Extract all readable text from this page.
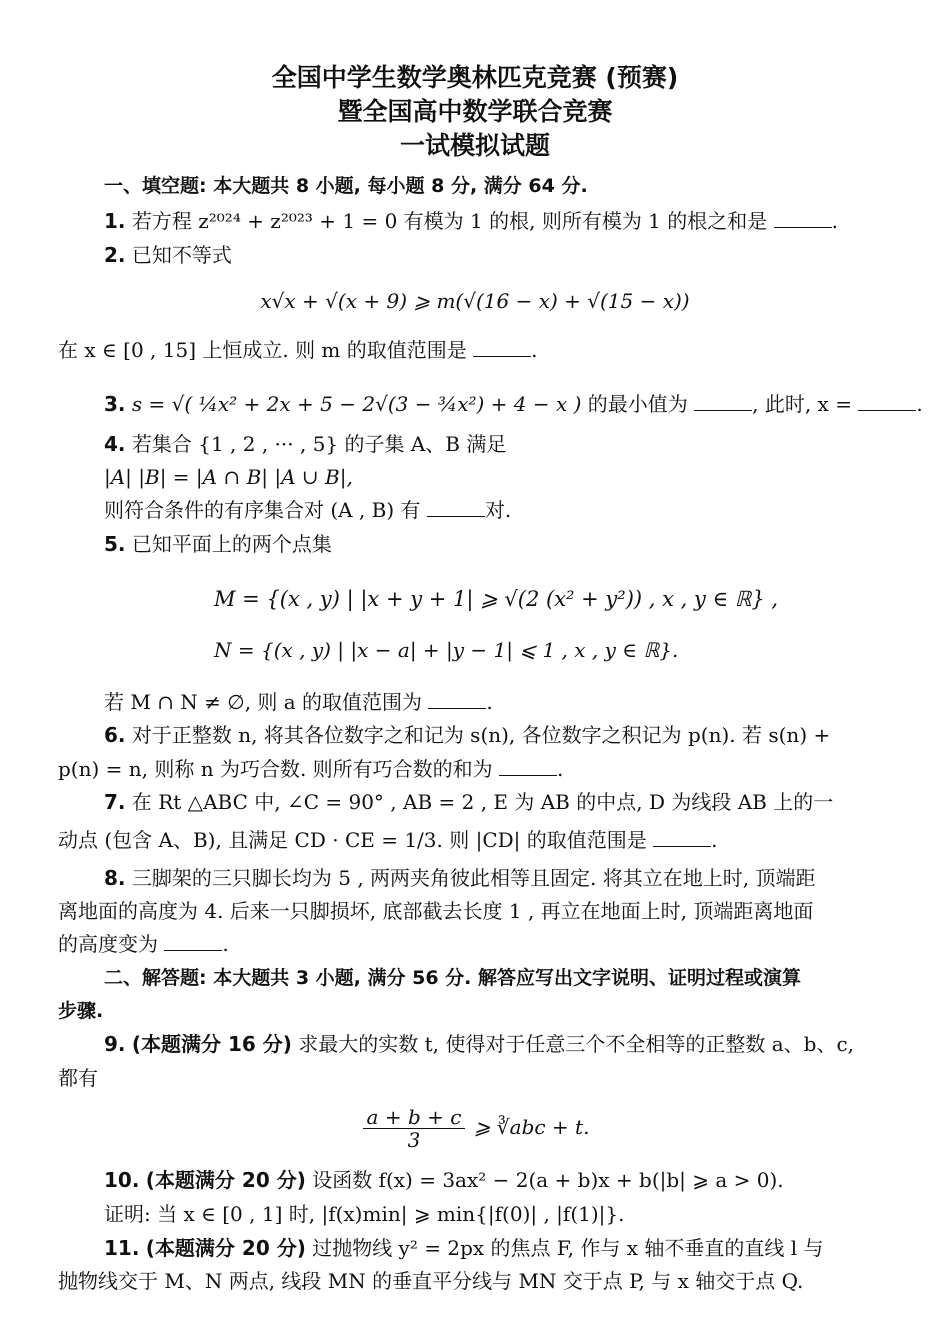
全国中学生数学奥林匹克竞赛 (预赛)
暨全国高中数学联合竞赛
一试模拟试题
一、填空题: 本大题共 8 小题, 每小题 8 分, 满分 64 分.
1. 若方程 z²⁰²⁴ + z²⁰²³ + 1 = 0 有模为 1 的根, 则所有模为 1 的根之和是	.
2. 已知不等式
x√x + √(x + 9) ⩾ m(√(16 − x) + √(15 − x))
在 x ∈ [0 , 15] 上恒成立. 则 m 的取值范围是	.
3. s = √( ¼x² + 2x + 5 − 2√(3 − ¾x²) + 4 − x ) 的最小值为	, 此时, x =	.
4. 若集合 {1 , 2 , ··· , 5} 的子集 A、B 满足
|A| |B| = |A ∩ B| |A ∪ B|,
则符合条件的有序集合对 (A , B) 有	对.
5. 已知平面上的两个点集
M = {(x , y) | |x + y + 1| ⩾ √(2 (x² + y²)) , x , y ∈ ℝ} ,
N = {(x , y) | |x − a| + |y − 1| ⩽ 1 , x , y ∈ ℝ}.
若 M ∩ N ≠ ∅, 则 a 的取值范围为	.
6. 对于正整数 n, 将其各位数字之和记为 s(n), 各位数字之积记为 p(n). 若 s(n) +
p(n) = n, 则称 n 为巧合数. 则所有巧合数的和为	.
7. 在 Rt △ABC 中, ∠C = 90° , AB = 2 , E 为 AB 的中点, D 为线段 AB 上的一
动点 (包含 A、B), 且满足 CD · CE = 1/3. 则 |CD| 的取值范围是	.
8. 三脚架的三只脚长均为 5 , 两两夹角彼此相等且固定. 将其立在地上时, 顶端距
离地面的高度为 4. 后来一只脚损坏, 底部截去长度 1 , 再立在地面上时, 顶端距离地面
的高度变为	.
二、解答题: 本大题共 3 小题, 满分 56 分. 解答应写出文字说明、证明过程或演算
步骤.
9. (本题满分 16 分) 求最大的实数 t, 使得对于任意三个不全相等的正整数 a、b、c,
都有
$\frac{a + b + c}{3}$ ⩾ ∛abc + t.
10. (本题满分 20 分) 设函数 f(x) = 3ax² − 2(a + b)x + b(|b| ⩾ a > 0).
证明: 当 x ∈ [0 , 1] 时, |f(x)min| ⩾ min{|f(0)| , |f(1)|}.
11. (本题满分 20 分) 过抛物线 y² = 2px 的焦点 F, 作与 x 轴不垂直的直线 l 与
抛物线交于 M、N 两点, 线段 MN 的垂直平分线与 MN 交于点 P, 与 x 轴交于点 Q.
